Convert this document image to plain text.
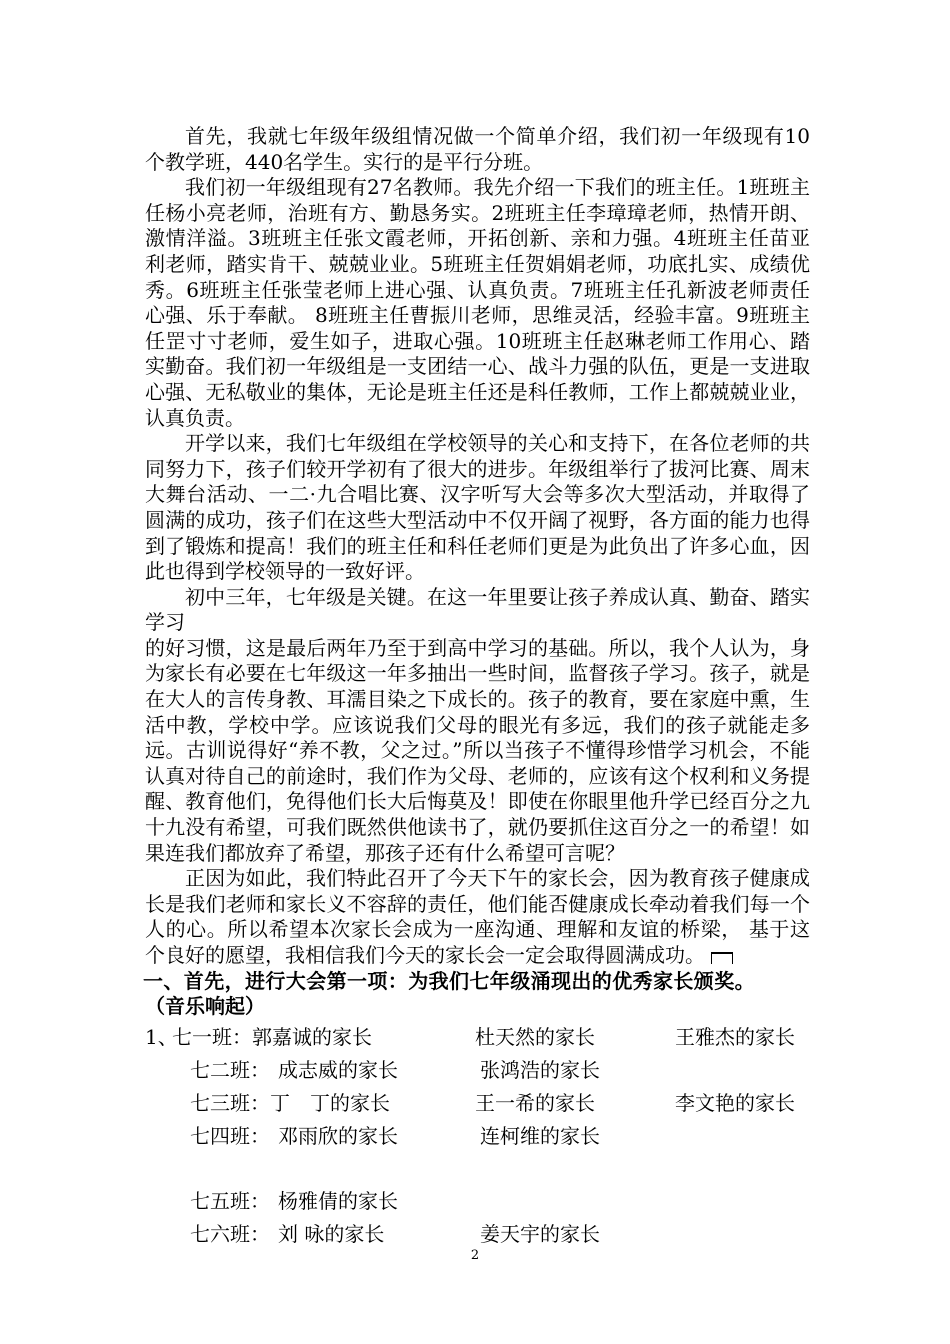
首先，我就七年级年级组情况做一个简单介绍，我们初一年级现有10个教学班，440名学生。实行的是平行分班。

我们初一年级组现有27名教师。我先介绍一下我们的班主任。1班班主任杨小亮老师，治班有方、勤恳务实。2班班主任李璋璋老师，热情开朗、激情洋溢。3班班主任张文霞老师，开拓创新、亲和力强。4班班主任苗亚利老师，踏实肯干、兢兢业业。5班班主任贺娟娟老师，功底扎实、成绩优秀。6班班主任张莹老师上进心强、认真负责。7班班主任孔新波老师责任心强、乐于奉献。 8班班主任曹振川老师，思维灵活，经验丰富。9班班主任罡寸寸老师，爱生如子，进取心强。10班班主任赵琳老师工作用心、踏实勤奋。我们初一年级组是一支团结一心、战斗力强的队伍，更是一支进取心强、无私敬业的集体，无论是班主任还是科任教师，工作上都兢兢业业，认真负责。

开学以来，我们七年级组在学校领导的关心和支持下，在各位老师的共同努力下，孩子们较开学初有了很大的进步。年级组举行了拔河比赛、周末大舞台活动、一二·九合唱比赛、汉字听写大会等多次大型活动，并取得了圆满的成功，孩子们在这些大型活动中不仅开阔了视野，各方面的能力也得到了锻炼和提高！我们的班主任和科任老师们更是为此负出了许多心血，因此也得到学校领导的一致好评。

初中三年，七年级是关键。在这一年里要让孩子养成认真、勤奋、踏实学习

的好习惯，这是最后两年乃至于到高中学习的基础。所以，我个人认为，身为家长有必要在七年级这一年多抽出一些时间，监督孩子学习。孩子，就是在大人的言传身教、耳濡目染之下成长的。孩子的教育，要在家庭中熏，生活中教，学校中学。应该说我们父母的眼光有多远，我们的孩子就能走多远。古训说得好“养不教，父之过。”所以当孩子不懂得珍惜学习机会，不能认真对待自己的前途时，我们作为父母、老师的，应该有这个权利和义务提醒、教育他们，免得他们长大后悔莫及！即使在你眼里他升学已经百分之九十九没有希望，可我们既然供他读书了，就仍要抓住这百分之一的希望！如果连我们都放弃了希望，那孩子还有什么希望可言呢？

正因为如此，我们特此召开了今天下午的家长会，因为教育孩子健康成长是我们老师和家长义不容辞的责任，他们能否健康成长牵动着我们每一个人的心。所以希望本次家长会成为一座沟通、理解和友谊的桥梁， 基于这个良好的愿望，我相信我们今天的家长会一定会取得圆满成功。

一、首先，进行大会第一项：为我们七年级涌现出的优秀家长颁奖。

（音乐响起）

1、
七一班： 郭嘉诚的家长	杜天然的家长	王雅杰的家长
七二班： 成志威的家长	张鸿浩的家长
七三班： 丁　丁的家长	王一希的家长	李文艳的家长
七四班： 邓雨欣的家长	连柯维的家长
七五班： 杨雅倩的家长
七六班： 刘 咏的家长	姜天宇的家长
2
